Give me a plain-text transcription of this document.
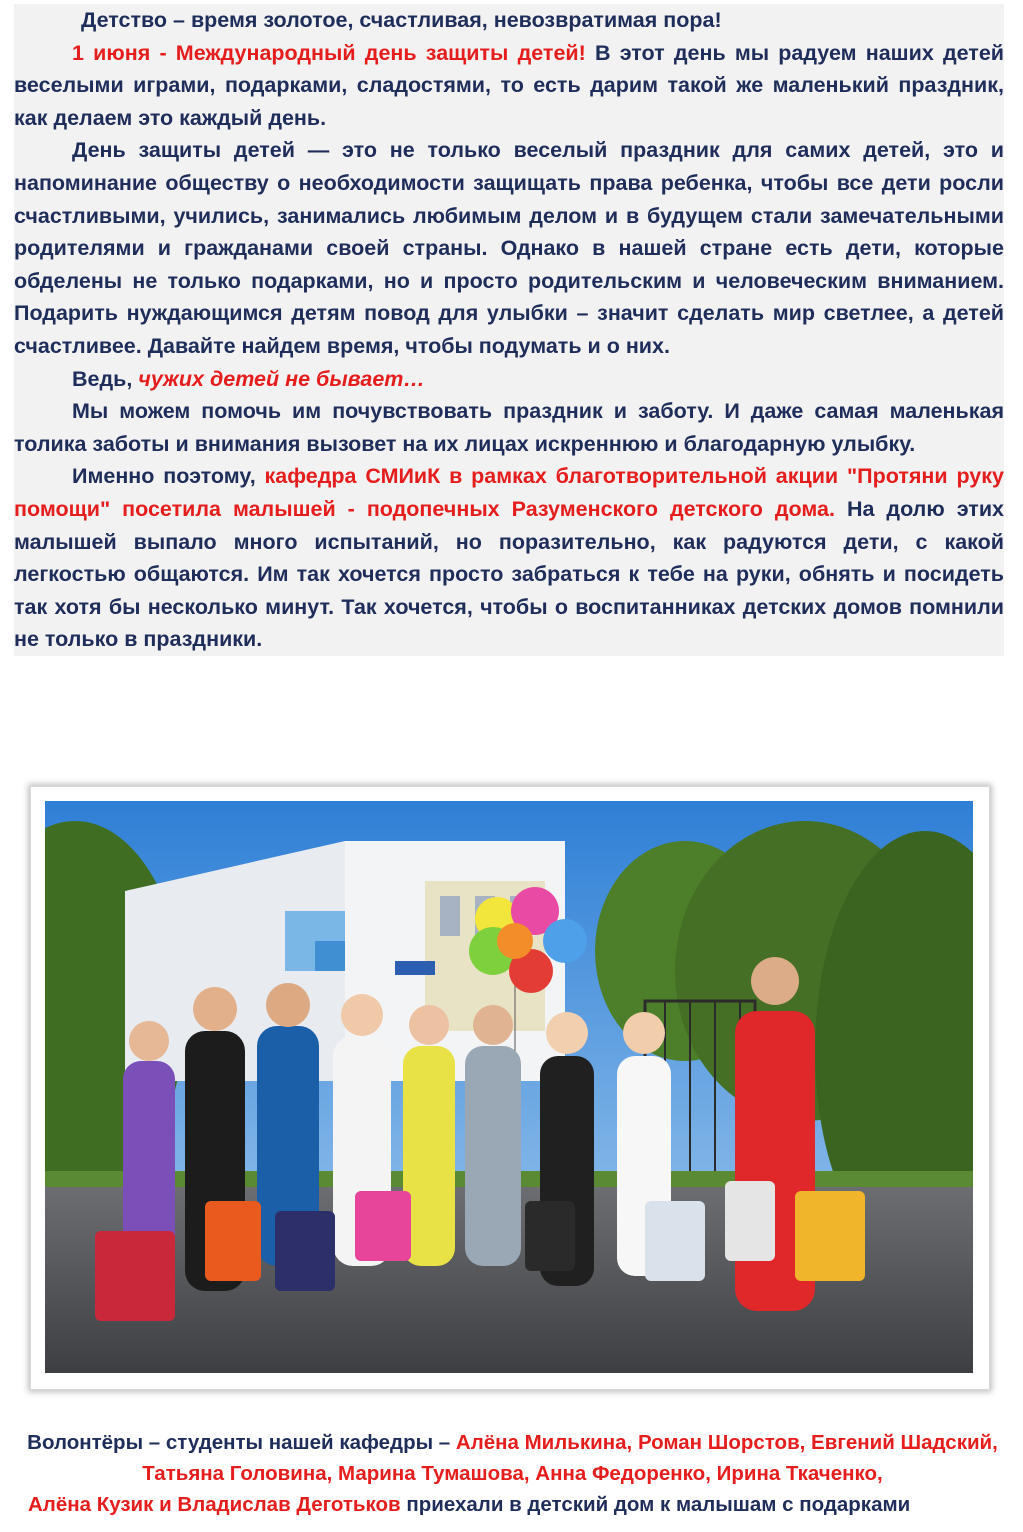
Детство – время золотое, счастливая, невозвратимая пора!

1 июня - Международный день защиты детей! В этот день мы радуем наших детей веселыми играми, подарками, сладостями, то есть дарим такой же маленький праздник, как делаем это каждый день.

День защиты детей — это не только веселый праздник для самих детей, это и напоминание обществу о необходимости защищать права ребенка, чтобы все дети росли счастливыми, учились, занимались любимым делом и в будущем стали замечательными родителями и гражданами своей страны. Однако в нашей стране есть дети, которые обделены не только подарками, но и просто родительским и человеческим вниманием. Подарить нуждающимся детям повод для улыбки – значит сделать мир светлее, а детей счастливее. Давайте найдем время, чтобы подумать и о них.

Ведь, чужих детей не бывает…

Мы можем помочь им почувствовать праздник и заботу. И даже самая маленькая толика заботы и внимания вызовет на их лицах искреннюю и благодарную улыбку.

Именно поэтому, кафедра СМИиК в рамках благотворительной акции "Протяни руку помощи" посетила малышей - подопечных Разуменского детского дома. На долю этих малышей выпало много испытаний, но поразительно, как радуются дети, с какой легкостью общаются. Им так хочется просто забраться к тебе на руки, обнять и посидеть так хотя бы несколько минут. Так хочется, чтобы о воспитанниках детских домов помнили не только в праздники.

Волонтёры – студенты нашей кафедры – Алёна Милькина, Роман Шорстов, Евгений Шадский, Татьяна Головина, Марина Тумашова, Анна Федоренко, Ирина Ткаченко,
Алёна Кузик и Владислав Деготьков приехали в детский дом к малышам с подарками
